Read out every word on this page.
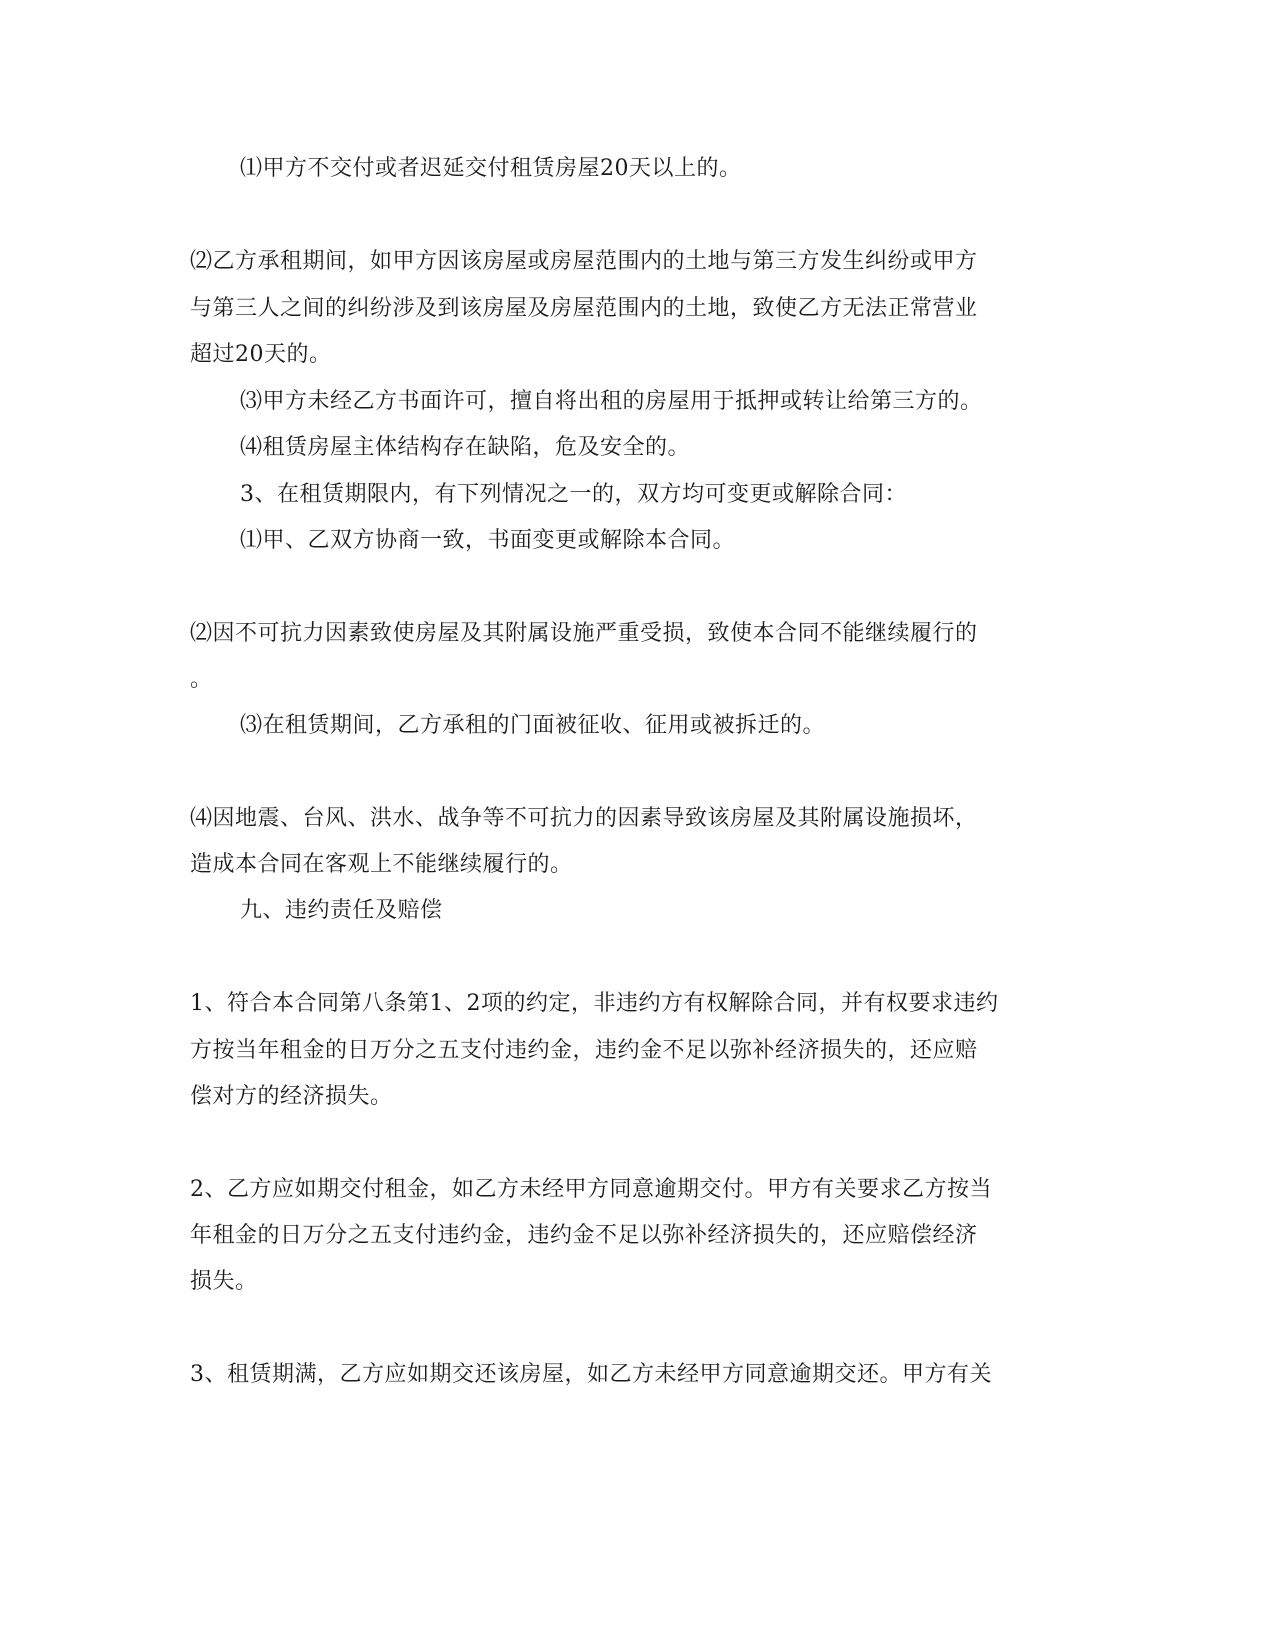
⑴甲方不交付或者迟延交付租赁房屋20天以上的。
⑵乙方承租期间，如甲方因该房屋或房屋范围内的土地与第三方发生纠纷或甲方
与第三人之间的纠纷涉及到该房屋及房屋范围内的土地，致使乙方无法正常营业
超过20天的。
⑶甲方未经乙方书面许可，擅自将出租的房屋用于抵押或转让给第三方的。
⑷租赁房屋主体结构存在缺陷，危及安全的。
3、在租赁期限内，有下列情况之一的，双方均可变更或解除合同：
⑴甲、乙双方协商一致，书面变更或解除本合同。
⑵因不可抗力因素致使房屋及其附属设施严重受损，致使本合同不能继续履行的
。
⑶在租赁期间，乙方承租的门面被征收、征用或被拆迁的。
⑷因地震、台风、洪水、战争等不可抗力的因素导致该房屋及其附属设施损坏，
造成本合同在客观上不能继续履行的。
九、违约责任及赔偿
1、符合本合同第八条第1、2项的约定，非违约方有权解除合同，并有权要求违约
方按当年租金的日万分之五支付违约金，违约金不足以弥补经济损失的，还应赔
偿对方的经济损失。
2、乙方应如期交付租金，如乙方未经甲方同意逾期交付。甲方有关要求乙方按当
年租金的日万分之五支付违约金，违约金不足以弥补经济损失的，还应赔偿经济
损失。
3、租赁期满，乙方应如期交还该房屋，如乙方未经甲方同意逾期交还。甲方有关
